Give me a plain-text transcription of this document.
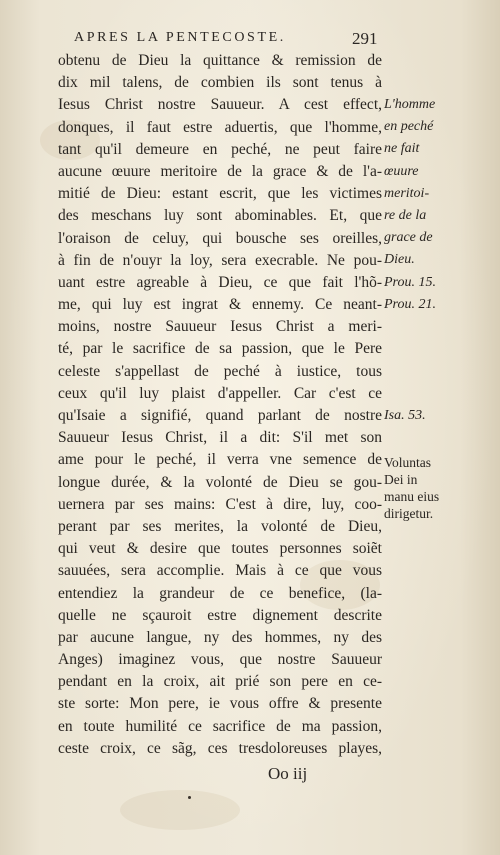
APRES LA PENTECOSTE.	291
obtenu de Dieu la quittance & remission de
dix mil talens, de combien ils sont tenus à
Iesus Christ nostre Sauueur. A cest effect,
donques, il faut estre aduertis, que l'homme,
tant qu'il demeure en peché, ne peut faire
aucune œuure meritoire de la grace & de l'a-
mitié de Dieu: estant escrit, que les victimes
des meschans luy sont abominables. Et, que
l'oraison de celuy, qui bousche ses oreilles,
à fin de n'ouyr la loy, sera execrable. Ne pou-
uant estre agreable à Dieu, ce que fait l'hõ-
me, qui luy est ingrat & ennemy. Ce neant-
moins, nostre Sauueur Iesus Christ a meri-
té, par le sacrifice de sa passion, que le Pere
celeste s'appellast de peché à iustice, tous
ceux qu'il luy plaist d'appeller. Car c'est ce
qu'Isaie a signifié, quand parlant de nostre
Sauueur Iesus Christ, il a dit: S'il met son
ame pour le peché, il verra vne semence de
longue durée, & la volonté de Dieu se gou-
uernera par ses mains: C'est à dire, luy, coo-
perant par ses merites, la volonté de Dieu,
qui veut & desire que toutes personnes soiẽt
sauuées, sera accomplie. Mais à ce que vous
entendiez la grandeur de ce benefice, (la-
quelle ne sçauroit estre dignement descrite
par aucune langue, ny des hommes, ny des
Anges) imaginez vous, que nostre Sauueur
pendant en la croix, ait prié son pere en ce-
ste sorte: Mon pere, ie vous offre & presente
en toute humilité ce sacrifice de ma passion,
ceste croix, ce sãg, ces tresdoloreuses playes,
Oo iij
L'homme
en peché
ne fait
œuure
meritoi-
re de la
grace de
Dieu.
Prou. 15.
Prou. 21.
Isa. 53.
Voluntas
Dei in
manu eius
dirigetur.
